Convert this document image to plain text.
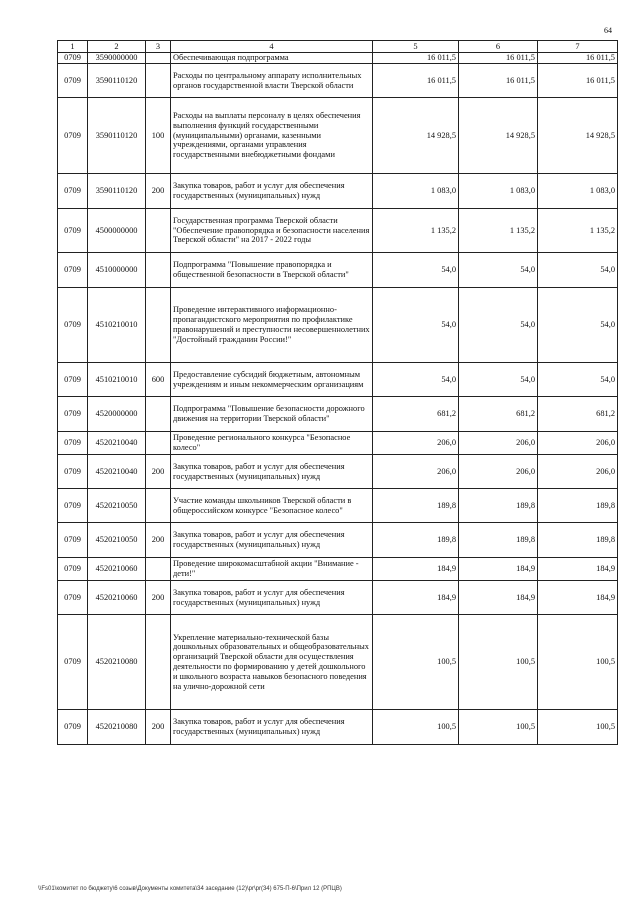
64
1	2	3	4	5	6	7
0709	3590000000		Обеспечивающая подпрограмма	16 011,5	16 011,5	16 011,5
0709	3590110120		Расходы по центральному аппарату исполнительных органов государственной власти Тверской области	16 011,5	16 011,5	16 011,5
0709	3590110120	100	Расходы на выплаты персоналу в целях обеспечения выполнения функций государственными (муниципальными) органами, казенными учреждениями, органами управления государственными внебюджетными фондами	14 928,5	14 928,5	14 928,5
0709	3590110120	200	Закупка товаров, работ и услуг для обеспечения государственных (муниципальных) нужд	1 083,0	1 083,0	1 083,0
0709	4500000000		Государственная программа Тверской области "Обеспечение правопорядка и безопасности населения Тверской области" на 2017 - 2022 годы	1 135,2	1 135,2	1 135,2
0709	4510000000		Подпрограмма "Повышение правопорядка и общественной безопасности в Тверской области"	54,0	54,0	54,0
0709	4510210010		Проведение интерактивного информационно-пропагандистского мероприятия по профилактике правонарушений и преступности несовершеннолетних "Достойный гражданин России!"	54,0	54,0	54,0
0709	4510210010	600	Предоставление субсидий бюджетным, автономным учреждениям и иным некоммерческим организациям	54,0	54,0	54,0
0709	4520000000		Подпрограмма "Повышение безопасности дорожного движения на территории Тверской области"	681,2	681,2	681,2
0709	4520210040		Проведение регионального конкурса "Безопасное колесо"	206,0	206,0	206,0
0709	4520210040	200	Закупка товаров, работ и услуг для обеспечения государственных (муниципальных) нужд	206,0	206,0	206,0
0709	4520210050		Участие команды школьников Тверской области в общероссийском конкурсе "Безопасное колесо"	189,8	189,8	189,8
0709	4520210050	200	Закупка товаров, работ и услуг для обеспечения государственных (муниципальных) нужд	189,8	189,8	189,8
0709	4520210060		Проведение широкомасштабной акции "Внимание - дети!"	184,9	184,9	184,9
0709	4520210060	200	Закупка товаров, работ и услуг для обеспечения государственных (муниципальных) нужд	184,9	184,9	184,9
0709	4520210080		Укрепление материально-технической базы дошкольных образовательных и общеобразовательных организаций Тверской области для осуществления деятельности по формированию у детей дошкольного и школьного возраста навыков безопасного поведения на улично-дорожной сети	100,5	100,5	100,5
0709	4520210080	200	Закупка товаров, работ и услуг для обеспечения государственных (муниципальных) нужд	100,5	100,5	100,5
\\Fs01\комитет по бюджету\6 созыв\Документы комитета\34 заседание (12)\pr\pr(34) 675-П-6\Прил 12 (РПЦВ)
